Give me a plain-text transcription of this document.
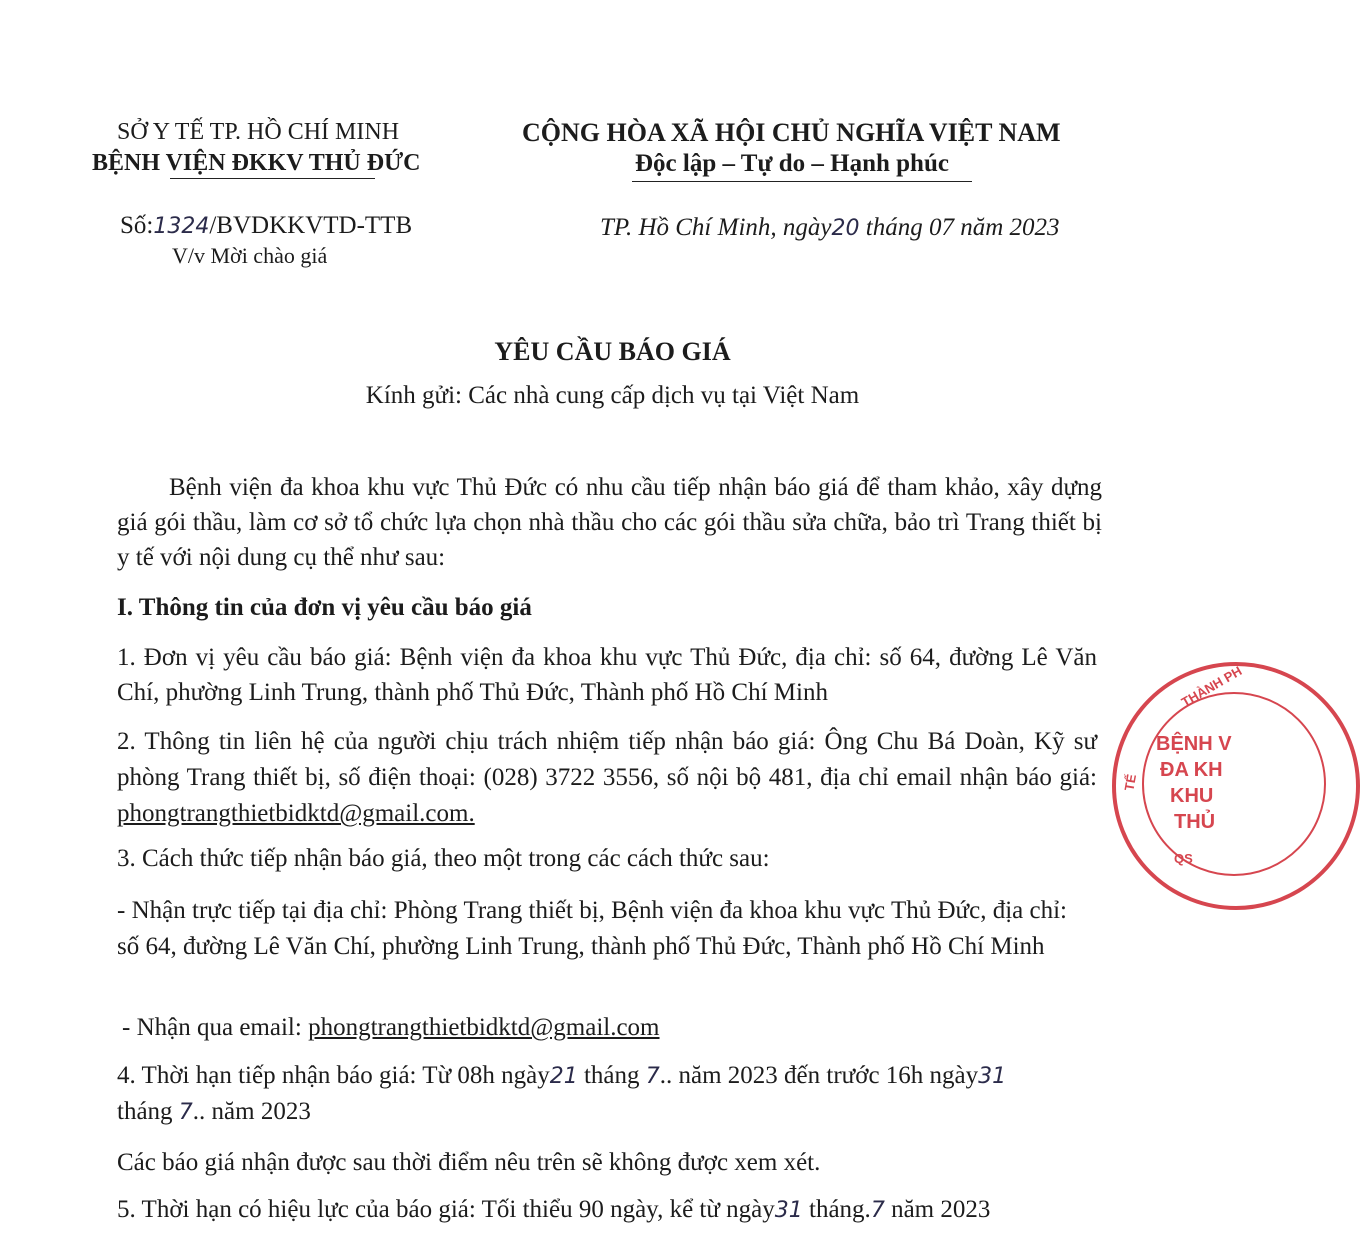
SỞ Y TẾ TP. HỒ CHÍ MINH
BỆNH VIỆN ĐKKV THỦ ĐỨC
CỘNG HÒA XÃ HỘI CHỦ NGHĨA VIỆT NAM
Độc lập – Tự do – Hạnh phúc
Số:1324/BVDKKVTD-TTB
V/v Mời chào giá
TP. Hồ Chí Minh, ngày20 tháng 07 năm 2023
YÊU CẦU BÁO GIÁ
Kính gửi: Các nhà cung cấp dịch vụ tại Việt Nam
Bệnh viện đa khoa khu vực Thủ Đức có nhu cầu tiếp nhận báo giá để tham khảo, xây dựng giá gói thầu, làm cơ sở tổ chức lựa chọn nhà thầu cho các gói thầu sửa chữa, bảo trì Trang thiết bị y tế với nội dung cụ thể như sau:
I. Thông tin của đơn vị yêu cầu báo giá
1. Đơn vị yêu cầu báo giá: Bệnh viện đa khoa khu vực Thủ Đức, địa chỉ: số 64, đường Lê Văn Chí, phường Linh Trung, thành phố Thủ Đức, Thành phố Hồ Chí Minh
2. Thông tin liên hệ của người chịu trách nhiệm tiếp nhận báo giá: Ông Chu Bá Doàn, Kỹ sư phòng Trang thiết bị, số điện thoại: (028) 3722 3556, số nội bộ 481, địa chỉ email nhận báo giá: phongtrangthietbidktd@gmail.com.
3. Cách thức tiếp nhận báo giá, theo một trong các cách thức sau:
- Nhận trực tiếp tại địa chỉ: Phòng Trang thiết bị, Bệnh viện đa khoa khu vực Thủ Đức, địa chỉ: số 64, đường Lê Văn Chí, phường Linh Trung, thành phố Thủ Đức, Thành phố Hồ Chí Minh
- Nhận qua email: phongtrangthietbidktd@gmail.com
4. Thời hạn tiếp nhận báo giá: Từ 08h ngày21 tháng 7.. năm 2023 đến trước 16h ngày31
tháng 7.. năm 2023
Các báo giá nhận được sau thời điểm nêu trên sẽ không được xem xét.
5. Thời hạn có hiệu lực của báo giá: Tối thiểu 90 ngày, kể từ ngày31 tháng.7 năm 2023
THÀNH PH
TẾ
BỆNH V
ĐA KH
KHU
THỦ
QS
